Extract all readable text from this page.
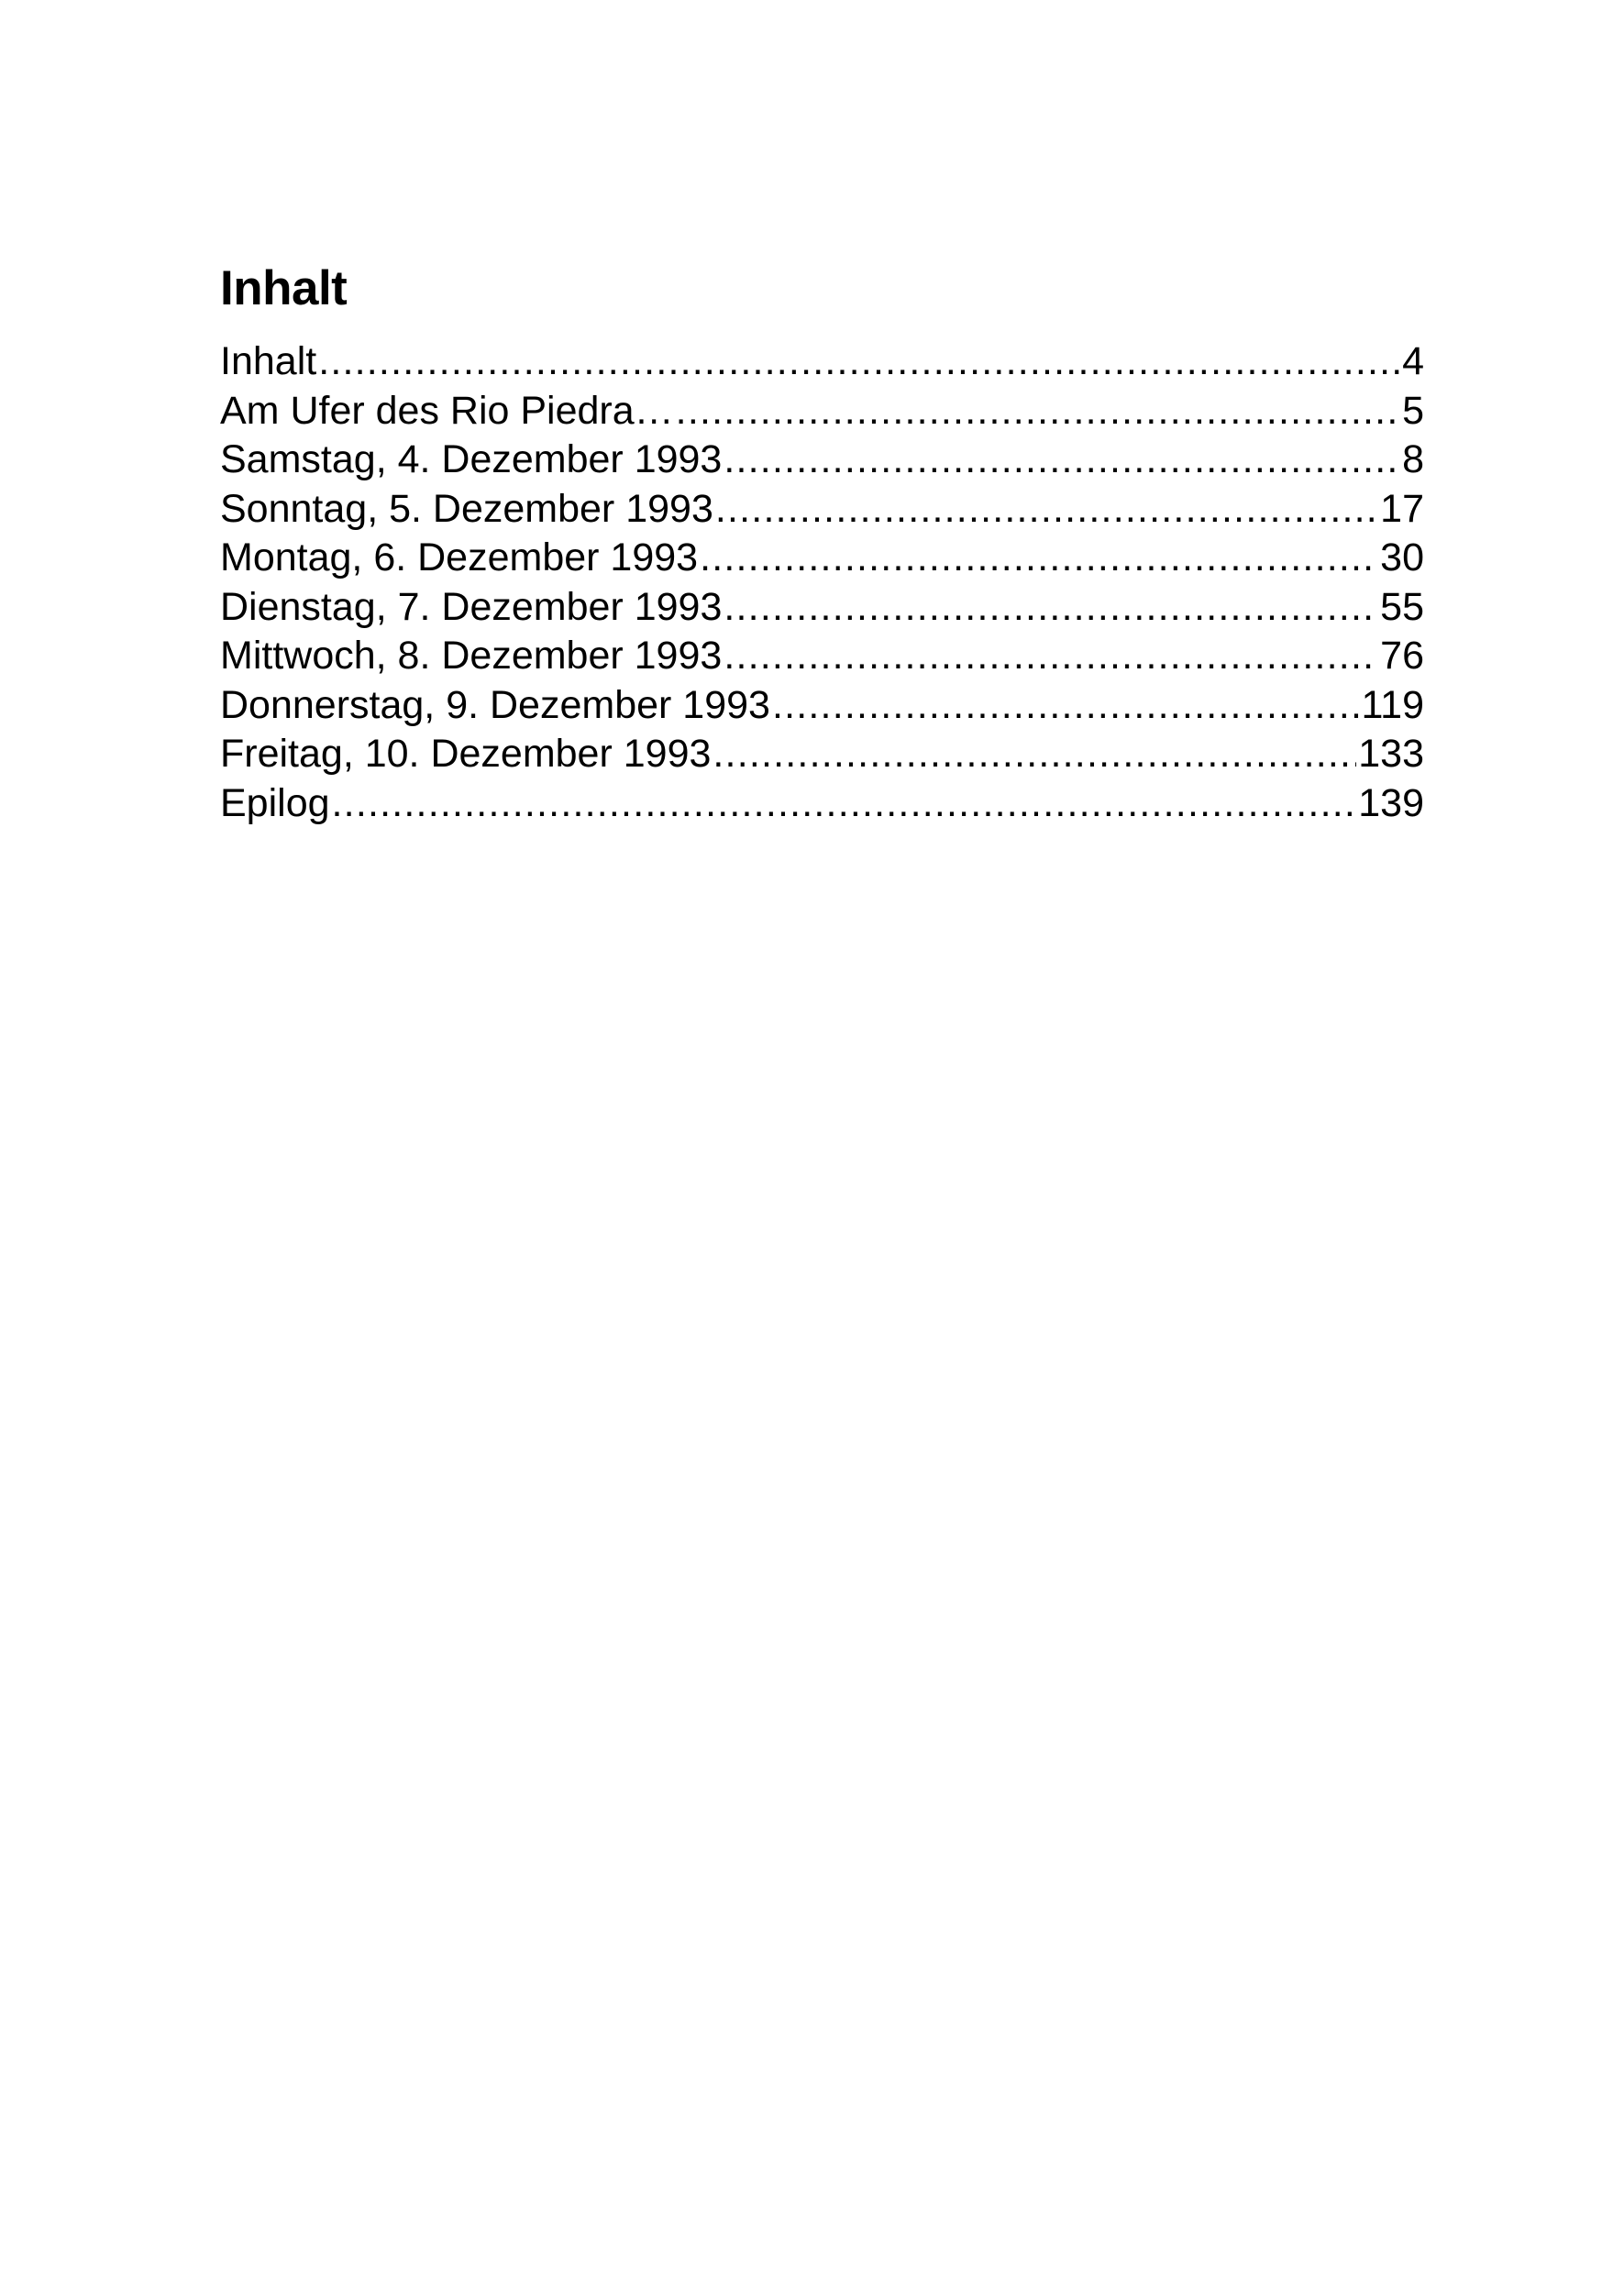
Inhalt
Inhalt .....	4
Am Ufer des Rio Piedra… .....	5
Samstag, 4. Dezember 1993 .....	8
Sonntag, 5. Dezember 1993 .....	17
Montag, 6. Dezember 1993 .....	30
Dienstag, 7. Dezember 1993 .....	55
Mittwoch, 8. Dezember 1993 .....	76
Donnerstag, 9. Dezember 1993 .....	119
Freitag, 10. Dezember 1993 .....	133
Epilog .....	139
